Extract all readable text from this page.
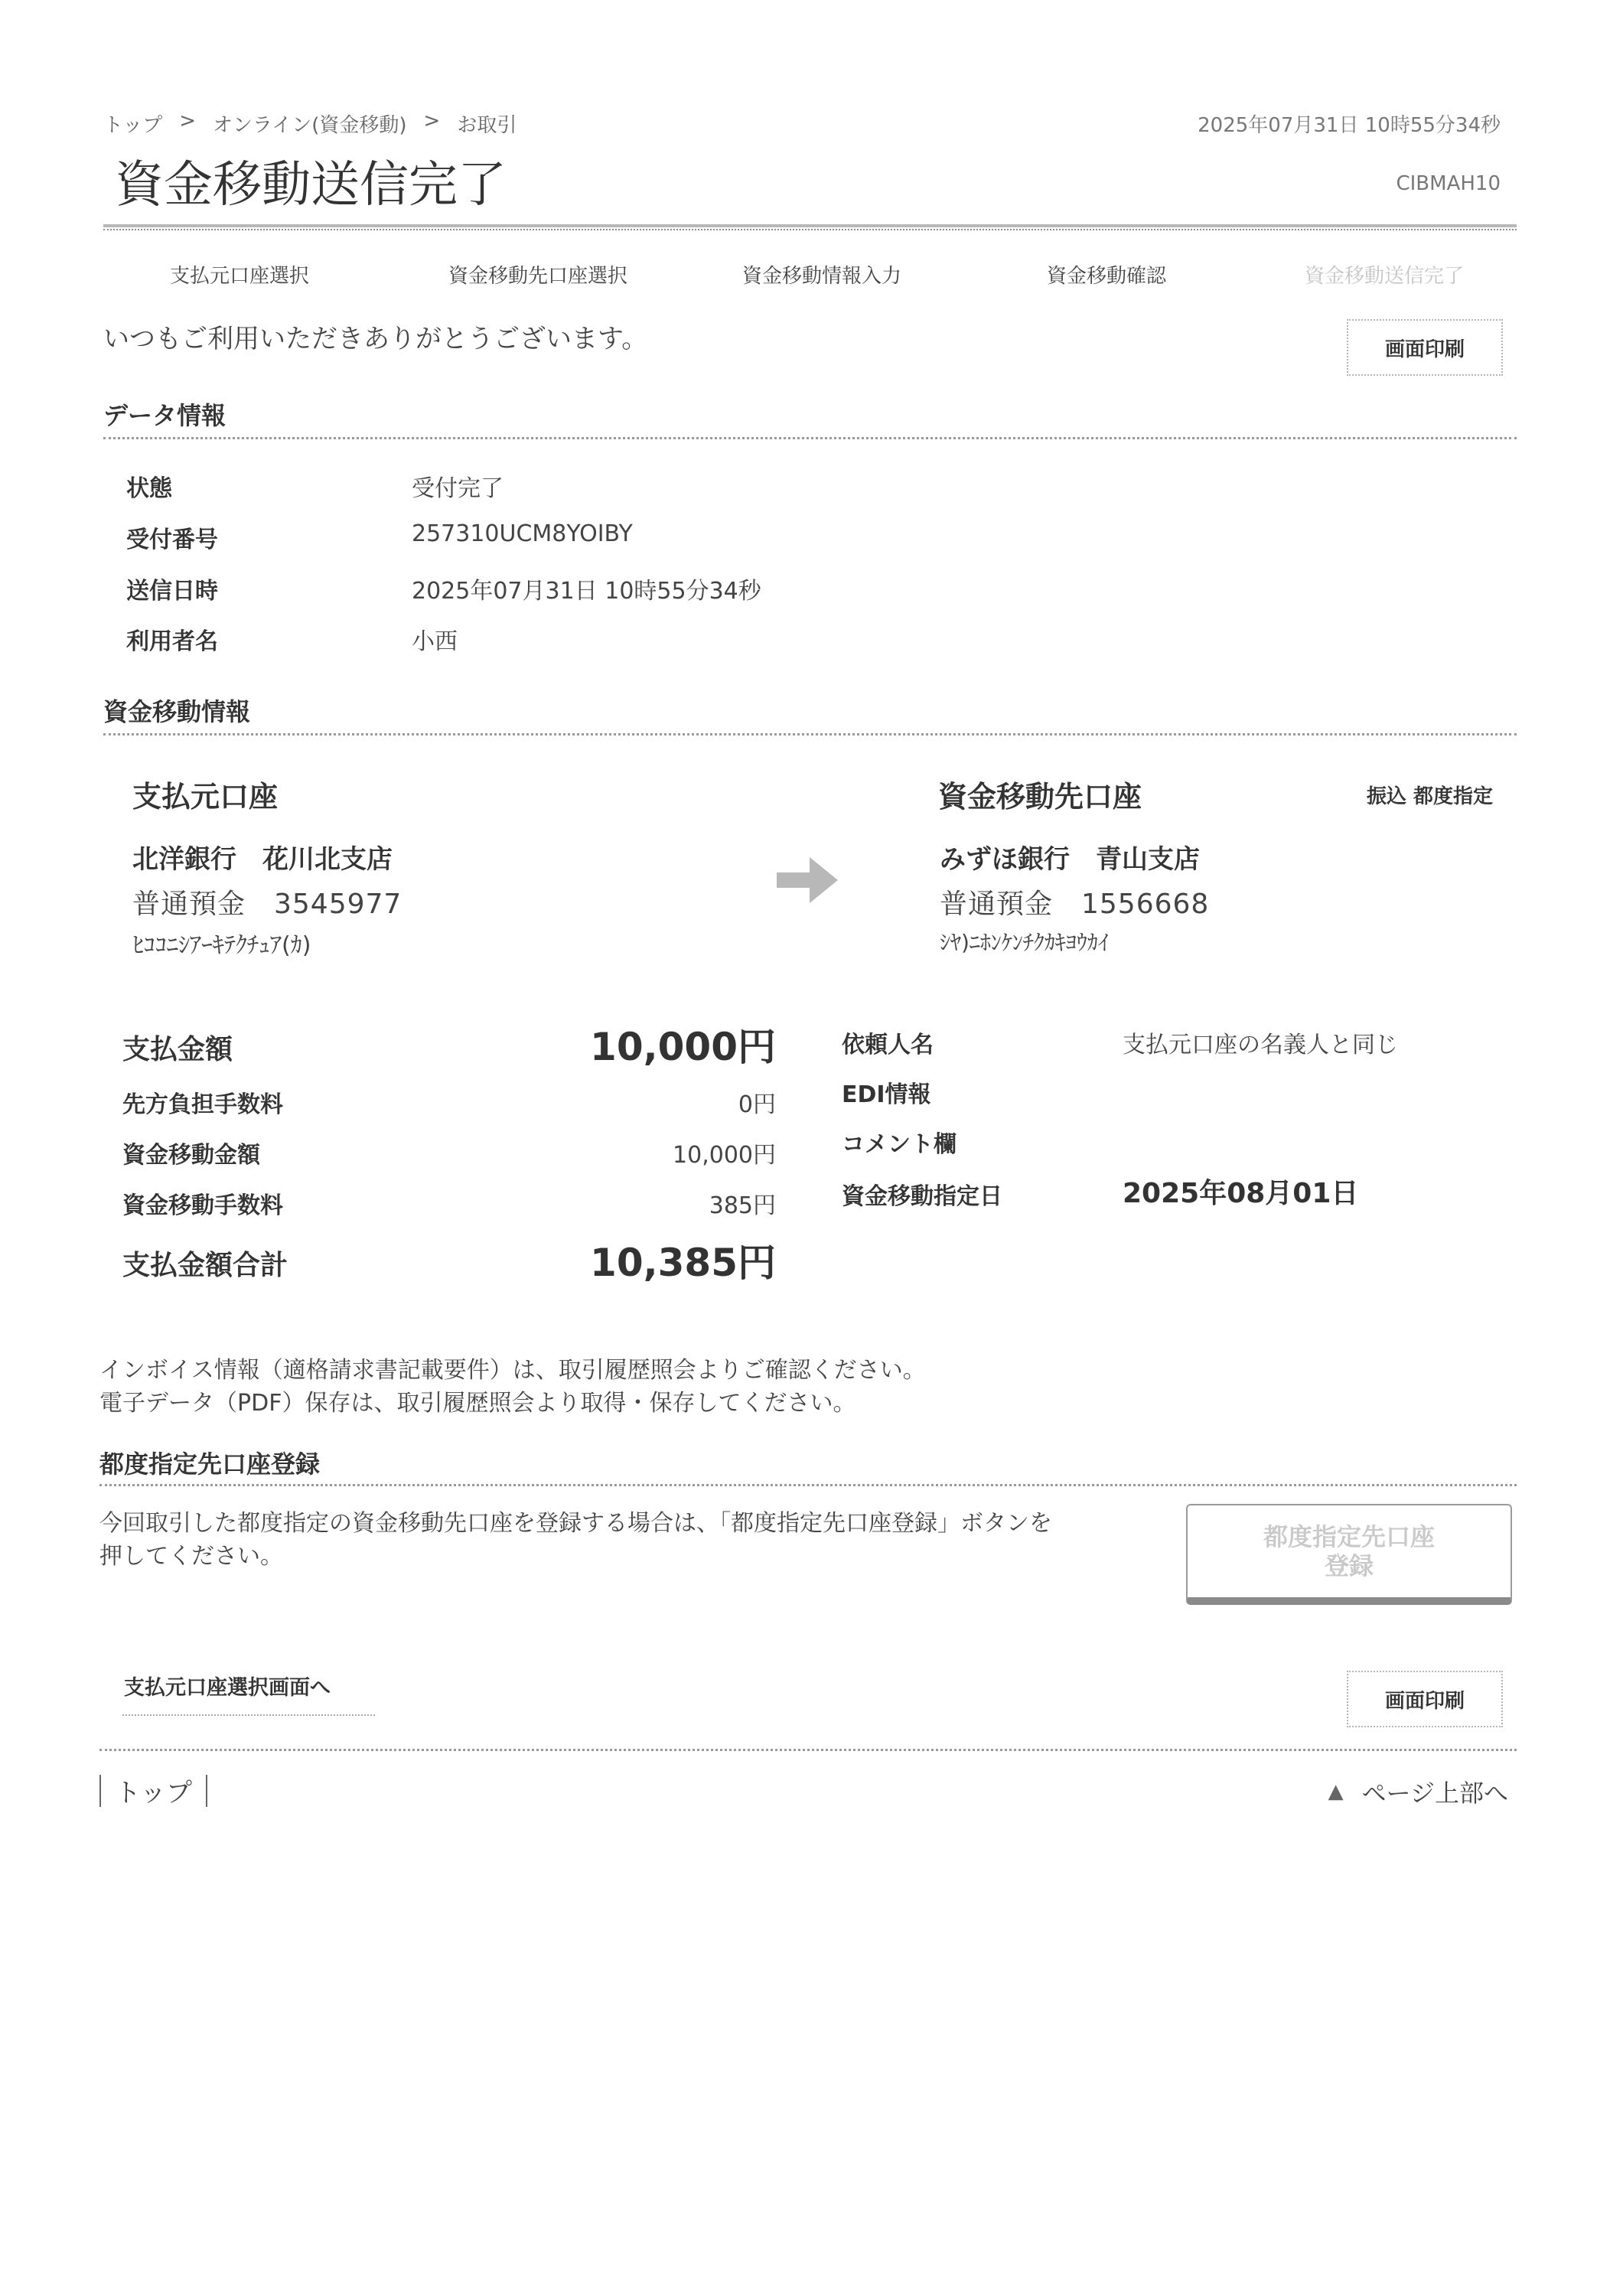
トップ > オンライン(資金移動) > お取引	2025年07月31日 10時55分34秒
資金移動送信完了	CIBMAH10
支払元口座選択	資金移動先口座選択	資金移動情報入力	資金移動確認	資金移動送信完了
いつもご利用いただきありがとうございます。	画面印刷
データ情報
状態	受付完了
受付番号	257310UCM8YOIBY
送信日時	2025年07月31日 10時55分34秒
利用者名	小西
資金移動情報
支払元口座
北洋銀行　花川北支店
普通預金　3545977
ﾋｺｺﾆｼｱｰｷﾃｸﾁｭｱ(ｶ)
資金移動先口座	振込 都度指定
みずほ銀行　青山支店
普通預金　1556668
ｼﾔ)ﾆﾎﾝｹﾝﾁｸｶｷﾖｳｶｲ
支払金額	10,000円
先方負担手数料	0円
資金移動金額	10,000円
資金移動手数料	385円
支払金額合計	10,385円
依頼人名	支払元口座の名義人と同じ
EDI情報
コメント欄
資金移動指定日	2025年08月01日
インボイス情報（適格請求書記載要件）は、取引履歴照会よりご確認ください。
電子データ（PDF）保存は、取引履歴照会より取得・保存してください。
都度指定先口座登録
今回取引した都度指定の資金移動先口座を登録する場合は、「都度指定先口座登録」ボタンを
押してください。
都度指定先口座
登録
支払元口座選択画面へ
画面印刷
トップ	▲ ページ上部へ
